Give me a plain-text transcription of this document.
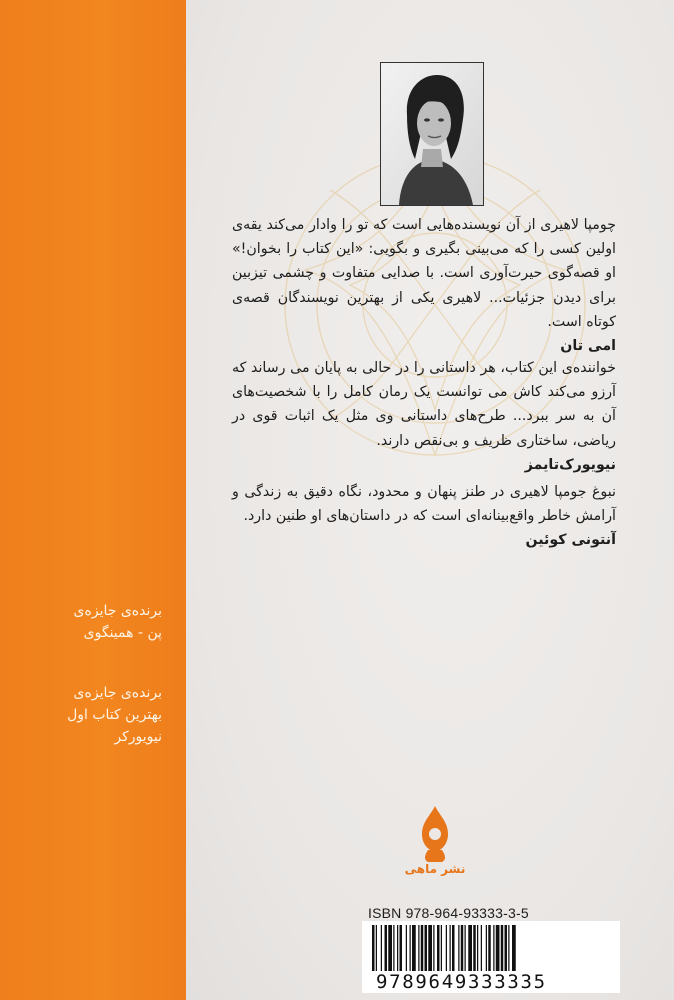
برنده‌ی جایزه‌ی
پن - همینگوی
برنده‌ی جایزه‌ی
بهترین کتاب اول
نیویورکر

چومپا لاهیری از آن نویسنده‌هایی است که تو را وادار می‌کند یقه‌ی اولین کسی را که می‌بینی بگیری و بگویی: «این کتاب را بخوان!» او قصه‌گوی حیرت‌آوری است. با صدایی متفاوت و چشمی تیزبین برای دیدن جزئیات... لاهیری یکی از بهترین نویسندگان قصه‌ی کوتاه است.

امی تان

خواننده‌ی این کتاب، هر داستانی را در حالی به پایان می رساند که آرزو می‌کند کاش می توانست یک رمان کامل را با شخصیت‌های آن به سر ببرد... طرح‌های داستانی وی مثل یک اثبات قوی در ریاضی، ساختاری ظریف و بی‌نقص دارند.

نیویورک‌تایمز

نبوغ جومپا لاهیری در طنز پنهان و محدود، نگاه دقیق به زندگی و آرامش خاطر واقع‌بینانه‌ای است که در داستان‌های او طنین دارد.

آنتونی کوئین

نشر ماهی
ISBN 978-964-93333-3-5
9789649333335
